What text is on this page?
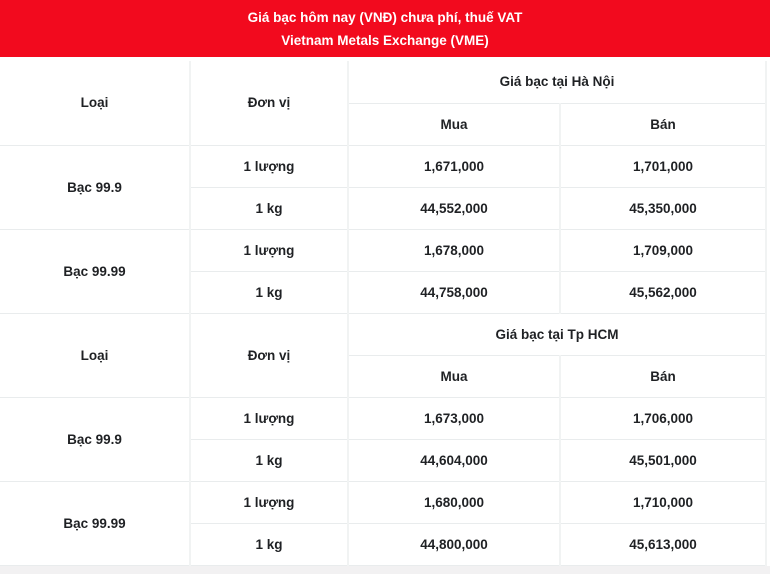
Giá bạc hôm nay (VNĐ) chưa phí, thuế VAT
Vietnam Metals Exchange (VME)
Loại	Đơn vị	Giá bạc tại Hà Nội	
		Mua	Bán
Bạc 99.9	1 lượng	1,671,000	1,701,000
	1 kg	44,552,000	45,350,000
Bạc 99.99	1 lượng	1,678,000	1,709,000
	1 kg	44,758,000	45,562,000
Loại	Đơn vị	Giá bạc tại Tp HCM	
		Mua	Bán
Bạc 99.9	1 lượng	1,673,000	1,706,000
	1 kg	44,604,000	45,501,000
Bạc 99.99	1 lượng	1,680,000	1,710,000
	1 kg	44,800,000	45,613,000
